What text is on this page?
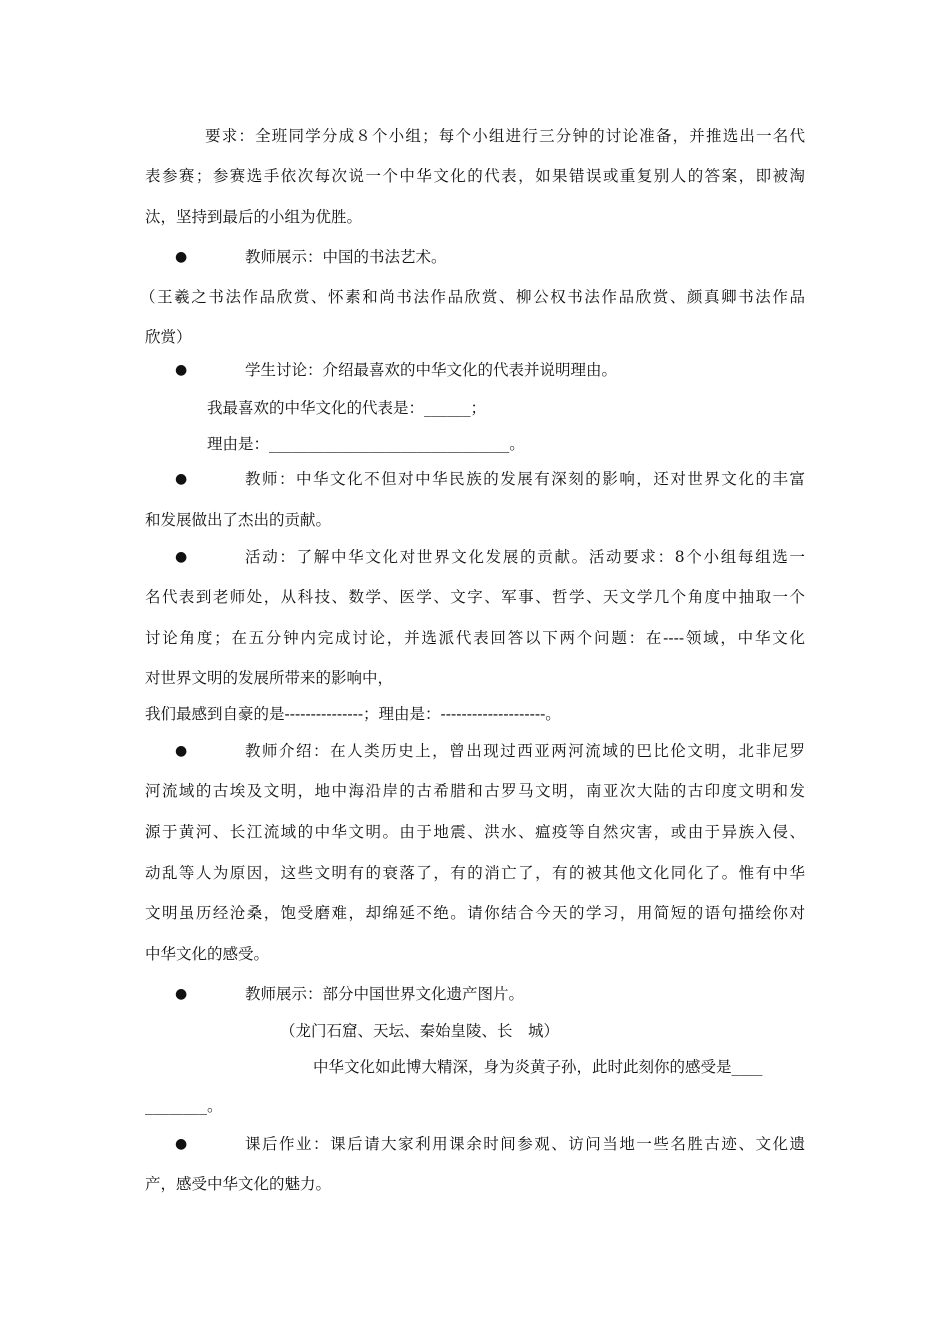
要求：全班同学分成８个小组；每个小组进行三分钟的讨论准备，并推选出一名代
表参赛；参赛选手依次每次说一个中华文化的代表，如果错误或重复别人的答案，即被淘
汰，坚持到最后的小组为优胜。
●	教师展示：中国的书法艺术。
（王羲之书法作品欣赏、怀素和尚书法作品欣赏、柳公权书法作品欣赏、颜真卿书法作品
欣赏）
●	学生讨论：介绍最喜欢的中华文化的代表并说明理由。
我最喜欢的中华文化的代表是：______；
理由是：_______________________________。
●	教师：中华文化不但对中华民族的发展有深刻的影响，还对世界文化的丰富
和发展做出了杰出的贡献。
●	活动：了解中华文化对世界文化发展的贡献。活动要求：8个小组每组选一
名代表到老师处，从科技、数学、医学、文字、军事、哲学、天文学几个角度中抽取一个
讨论角度；在五分钟内完成讨论，并选派代表回答以下两个问题：在----领域，中华文化
对世界文明的发展所带来的影响中，
我们最感到自豪的是---------------；理由是：--------------------。
●	教师介绍：在人类历史上，曾出现过西亚两河流域的巴比伦文明，北非尼罗
河流域的古埃及文明，地中海沿岸的古希腊和古罗马文明，南亚次大陆的古印度文明和发
源于黄河、长江流域的中华文明。由于地震、洪水、瘟疫等自然灾害，或由于异族入侵、
动乱等人为原因，这些文明有的衰落了，有的消亡了，有的被其他文化同化了。惟有中华
文明虽历经沧桑，饱受磨难，却绵延不绝。请你结合今天的学习，用简短的语句描绘你对
中华文化的感受。
●	教师展示：部分中国世界文化遗产图片。
（龙门石窟、天坛、秦始皇陵、长　城）
中华文化如此博大精深，身为炎黄子孙，此时此刻你的感受是____
________。
●	课后作业：课后请大家利用课余时间参观、访问当地一些名胜古迹、文化遗
产，感受中华文化的魅力。
